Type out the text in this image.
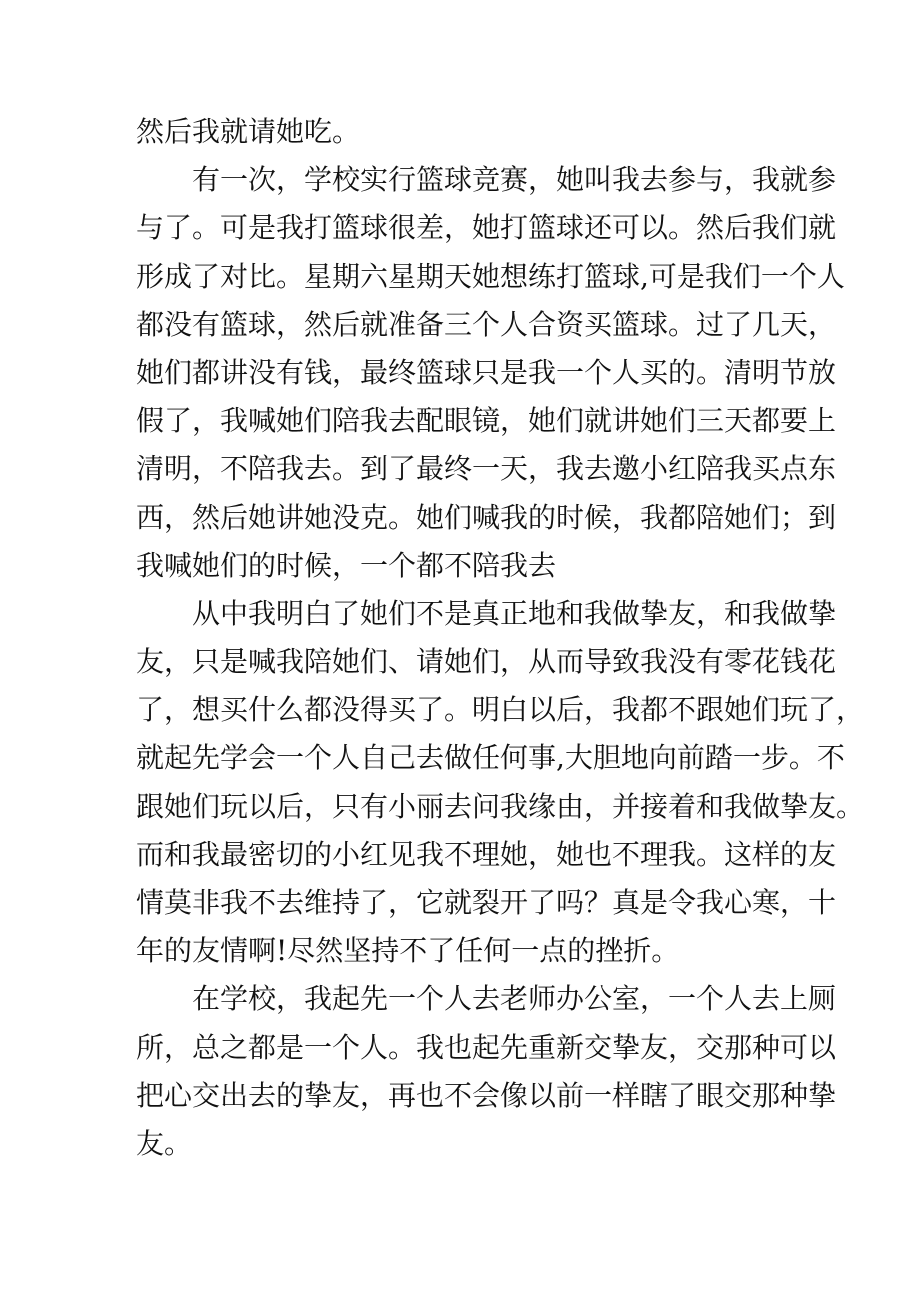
然后我就请她吃。
有一次，学校实行篮球竞赛，她叫我去参与，我就参
与了。可是我打篮球很差，她打篮球还可以。然后我们就
形成了对比。星期六星期天她想练打篮球,可是我们一个人
都没有篮球，然后就准备三个人合资买篮球。过了几天，
她们都讲没有钱，最终篮球只是我一个人买的。清明节放
假了，我喊她们陪我去配眼镜，她们就讲她们三天都要上
清明，不陪我去。到了最终一天，我去邀小红陪我买点东
西，然后她讲她没克。她们喊我的时候，我都陪她们；到
我喊她们的时候，一个都不陪我去
从中我明白了她们不是真正地和我做挚友，和我做挚
友，只是喊我陪她们、请她们，从而导致我没有零花钱花
了，想买什么都没得买了。明白以后，我都不跟她们玩了，
就起先学会一个人自己去做任何事,大胆地向前踏一步。不
跟她们玩以后，只有小丽去问我缘由，并接着和我做挚友。
而和我最密切的小红见我不理她，她也不理我。这样的友
情莫非我不去维持了，它就裂开了吗？真是令我心寒，十
年的友情啊!尽然坚持不了任何一点的挫折。
在学校，我起先一个人去老师办公室，一个人去上厕
所，总之都是一个人。我也起先重新交挚友，交那种可以
把心交出去的挚友，再也不会像以前一样瞎了眼交那种挚
友。
